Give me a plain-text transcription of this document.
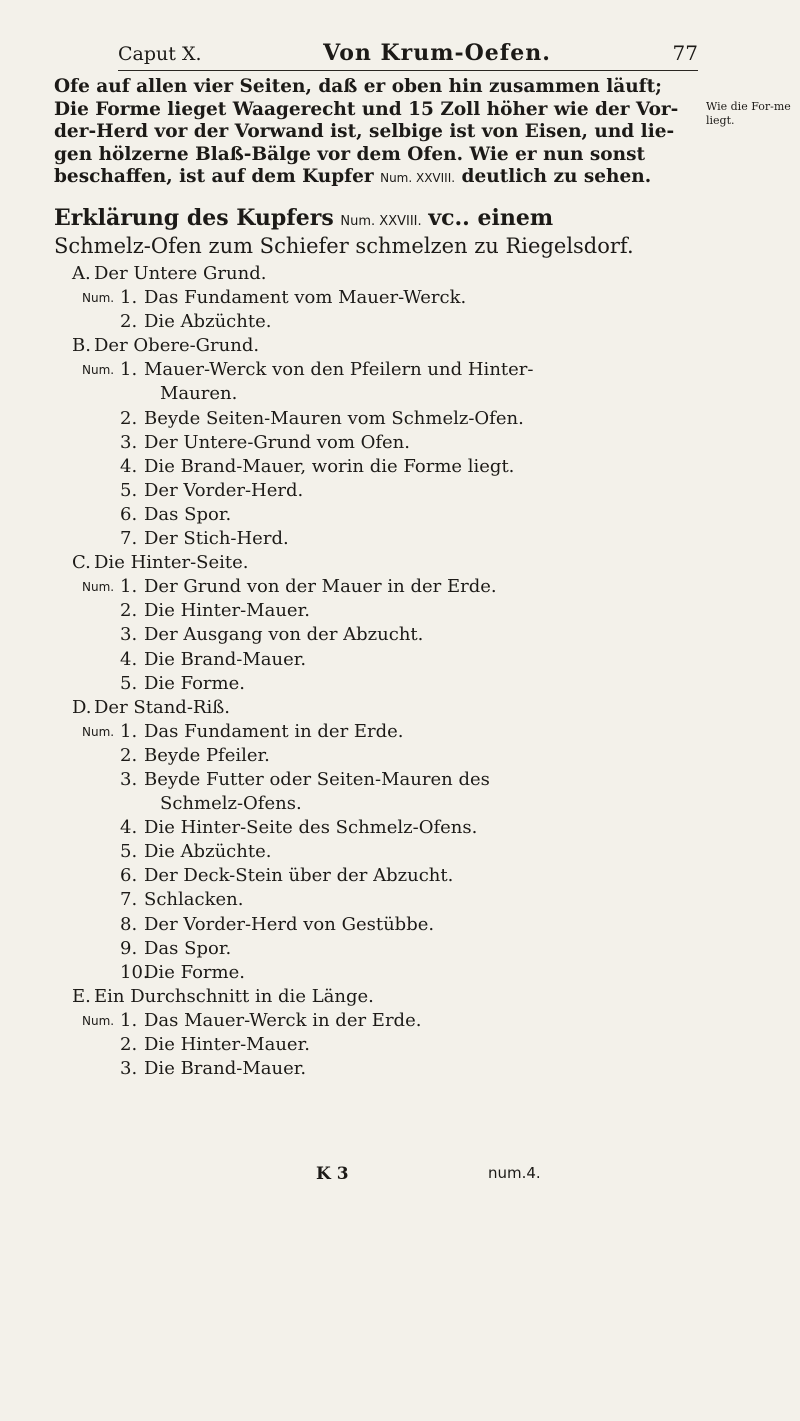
Caput X.	Von Krum-Oefen.	77
Ofe auf allen vier Seiten, daß er oben hin zusammen läuft;
Die Forme lieget Waagerecht und 15 Zoll höher wie der Vor-
der-Herd vor der Vorwand ist, selbige ist von Eisen, und lie-
gen hölzerne Blaß-Bälge vor dem Ofen. Wie er nun sonst
beschaffen, ist auf dem Kupfer Num. XXVIII. deutlich zu sehen.
Wie die For-me liegt.
Erklärung des Kupfers Num. XXVIII. vc.. einem
Schmelz-Ofen zum Schiefer schmelzen zu Riegelsdorf.
A. Der Untere Grund.
Num. 1. Das Fundament vom Mauer-Werck.
2. Die Abzüchte.
B. Der Obere-Grund.
Num. 1. Mauer-Werck von den Pfeilern und Hinter-
Mauren.
2. Beyde Seiten-Mauren vom Schmelz-Ofen.
3. Der Untere-Grund vom Ofen.
4. Die Brand-Mauer, worin die Forme liegt.
5. Der Vorder-Herd.
6. Das Spor.
7. Der Stich-Herd.
C. Die Hinter-Seite.
Num. 1. Der Grund von der Mauer in der Erde.
2. Die Hinter-Mauer.
3. Der Ausgang von der Abzucht.
4. Die Brand-Mauer.
5. Die Forme.
D. Der Stand-Riß.
Num. 1. Das Fundament in der Erde.
2. Beyde Pfeiler.
3. Beyde Futter oder Seiten-Mauren des
Schmelz-Ofens.
4. Die Hinter-Seite des Schmelz-Ofens.
5. Die Abzüchte.
6. Der Deck-Stein über der Abzucht.
7. Schlacken.
8. Der Vorder-Herd von Gestübbe.
9. Das Spor.
10.
Die Forme.
E. Ein Durchschnitt in die Länge.
Num. 1. Das Mauer-Werck in der Erde.
2. Die Hinter-Mauer.
3. Die Brand-Mauer.
K 3	num.4.
